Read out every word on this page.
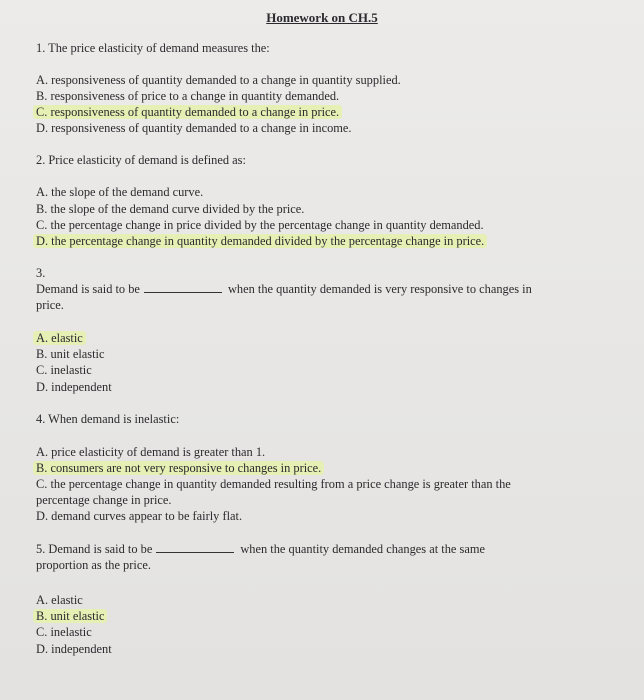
Homework on CH.5
1. The price elasticity of demand measures the:
A. responsiveness of quantity demanded to a change in quantity supplied.
B. responsiveness of price to a change in quantity demanded.
C. responsiveness of quantity demanded to a change in price.
D. responsiveness of quantity demanded to a change in income.
2. Price elasticity of demand is defined as:
A. the slope of the demand curve.
B. the slope of the demand curve divided by the price.
C. the percentage change in price divided by the percentage change in quantity demanded.
D. the percentage change in quantity demanded divided by the percentage change in price.
3.
Demand is said to be	when the quantity demanded is very responsive to changes in
price.
A. elastic
B. unit elastic
C. inelastic
D. independent
4. When demand is inelastic:
A. price elasticity of demand is greater than 1.
B. consumers are not very responsive to changes in price.
C. the percentage change in quantity demanded resulting from a price change is greater than the
percentage change in price.
D. demand curves appear to be fairly flat.
5. Demand is said to be	when the quantity demanded changes at the same
proportion as the price.
A. elastic
B. unit elastic
C. inelastic
D. independent
